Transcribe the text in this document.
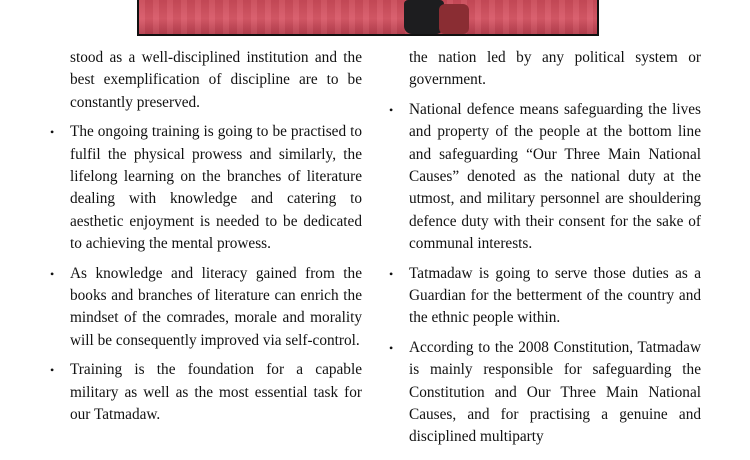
stood as a well-disciplined institution and the best exemplification of discipline are to be constantly preserved.

• The ongoing training is going to be practised to fulfil the physical prowess and similarly, the lifelong learning on the branches of literature dealing with knowledge and catering to aesthetic enjoyment is needed to be dedicated to achieving the mental prowess.
• As knowledge and literacy gained from the books and branches of literature can enrich the mindset of the comrades, morale and morality will be consequently improved via self-control.
• Training is the foundation for a capable military as well as the most essential task for our Tatmadaw.

the nation led by any political system or government.

• National defence means safeguarding the lives and property of the people at the bottom line and safeguarding “Our Three Main National Causes” denoted as the national duty at the utmost, and military personnel are shouldering defence duty with their consent for the sake of communal interests.
• Tatmadaw is going to serve those duties as a Guardian for the betterment of the country and the ethnic people within.
• According to the 2008 Constitution, Tatmadaw is mainly responsible for safeguarding the Constitution and Our Three Main National Causes, and for practising a genuine and disciplined multiparty
